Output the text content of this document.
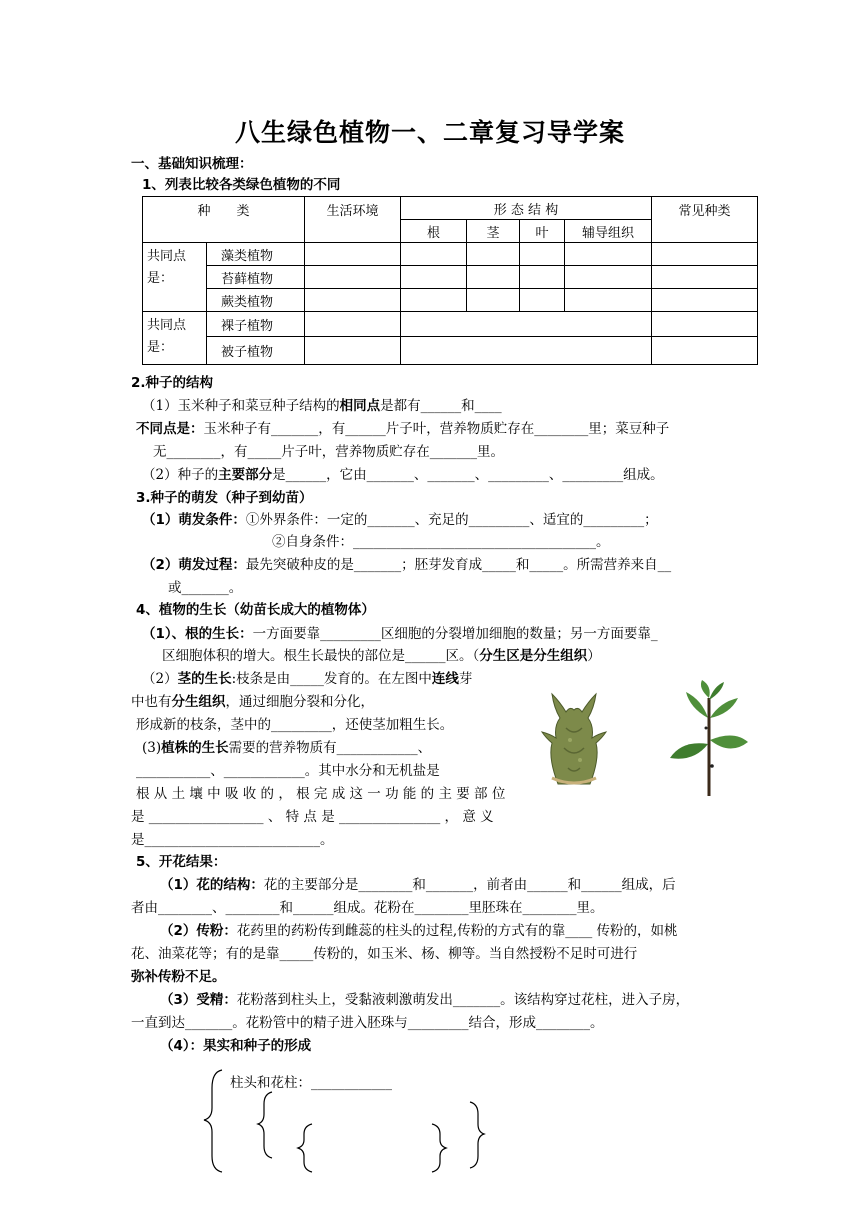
八生绿色植物一、二章复习导学案
一、基础知识梳理：
1、列表比较各类绿色植物的不同
种　　类		生活环境	形 态 结 构				常见种类
			根	茎	叶	辅导组织	
共同点是：	藻类植物						
	苔藓植物						
	蕨类植物						
共同点是：	裸子植物						
	被子植物						
2.种子的结构
（1）玉米种子和菜豆种子结构的相同点是都有______和____
不同点是：玉米种子有_______，有______片子叶，营养物质贮存在________里；菜豆种子
无________，有_____片子叶，营养物质贮存在_______里。
（2）种子的主要部分是______，它由_______、_______、_________、_________组成。
3.种子的萌发（种子到幼苗）
（1）萌发条件：①外界条件：一定的_______、充足的_________、适宜的_________；
②自身条件：____________________________________。
（2）萌发过程：最先突破种皮的是_______；胚芽发育成_____和_____。所需营养来自__
或_______。
4、植物的生长（幼苗长成大的植物体）
（1）、根的生长：一方面要靠_________区细胞的分裂增加细胞的数量；另一方面要靠_
区细胞体积的增大。根生长最快的部位是______区。（分生区是分生组织）
（2）茎的生长:枝条是由_____发育的。在左图中连线芽
中也有分生组织，通过细胞分裂和分化，
形成新的枝条，茎中的_________，还使茎加粗生长。
(3)植株的生长需要的营养物质有____________、
___________、____________。其中水分和无机盐是
根 从 土 壤 中 吸 收 的 ， 根 完 成 这 一 功 能 的 主 要 部 位
是 _________________ 、 特 点 是 _______________ ， 意 义
是__________________________。
5、开花结果：
（1）花的结构：花的主要部分是________和_______，前者由______和______组成，后
者由________、________和______组成。花粉在________里胚珠在________里。
（2）传粉：花药里的药粉传到雌蕊的柱头的过程,传粉的方式有的靠____ 传粉的，如桃
花、油菜花等；有的是靠_____传粉的，如玉米、杨、柳等。当自然授粉不足时可进行
弥补传粉不足。
（3）受精：花粉落到柱头上，受黏液刺激萌发出_______。该结构穿过花柱，进入子房，
一直到达_______。花粉管中的精子进入胚珠与_________结合，形成________。
（4）：果实和种子的形成
柱头和花柱：____________
